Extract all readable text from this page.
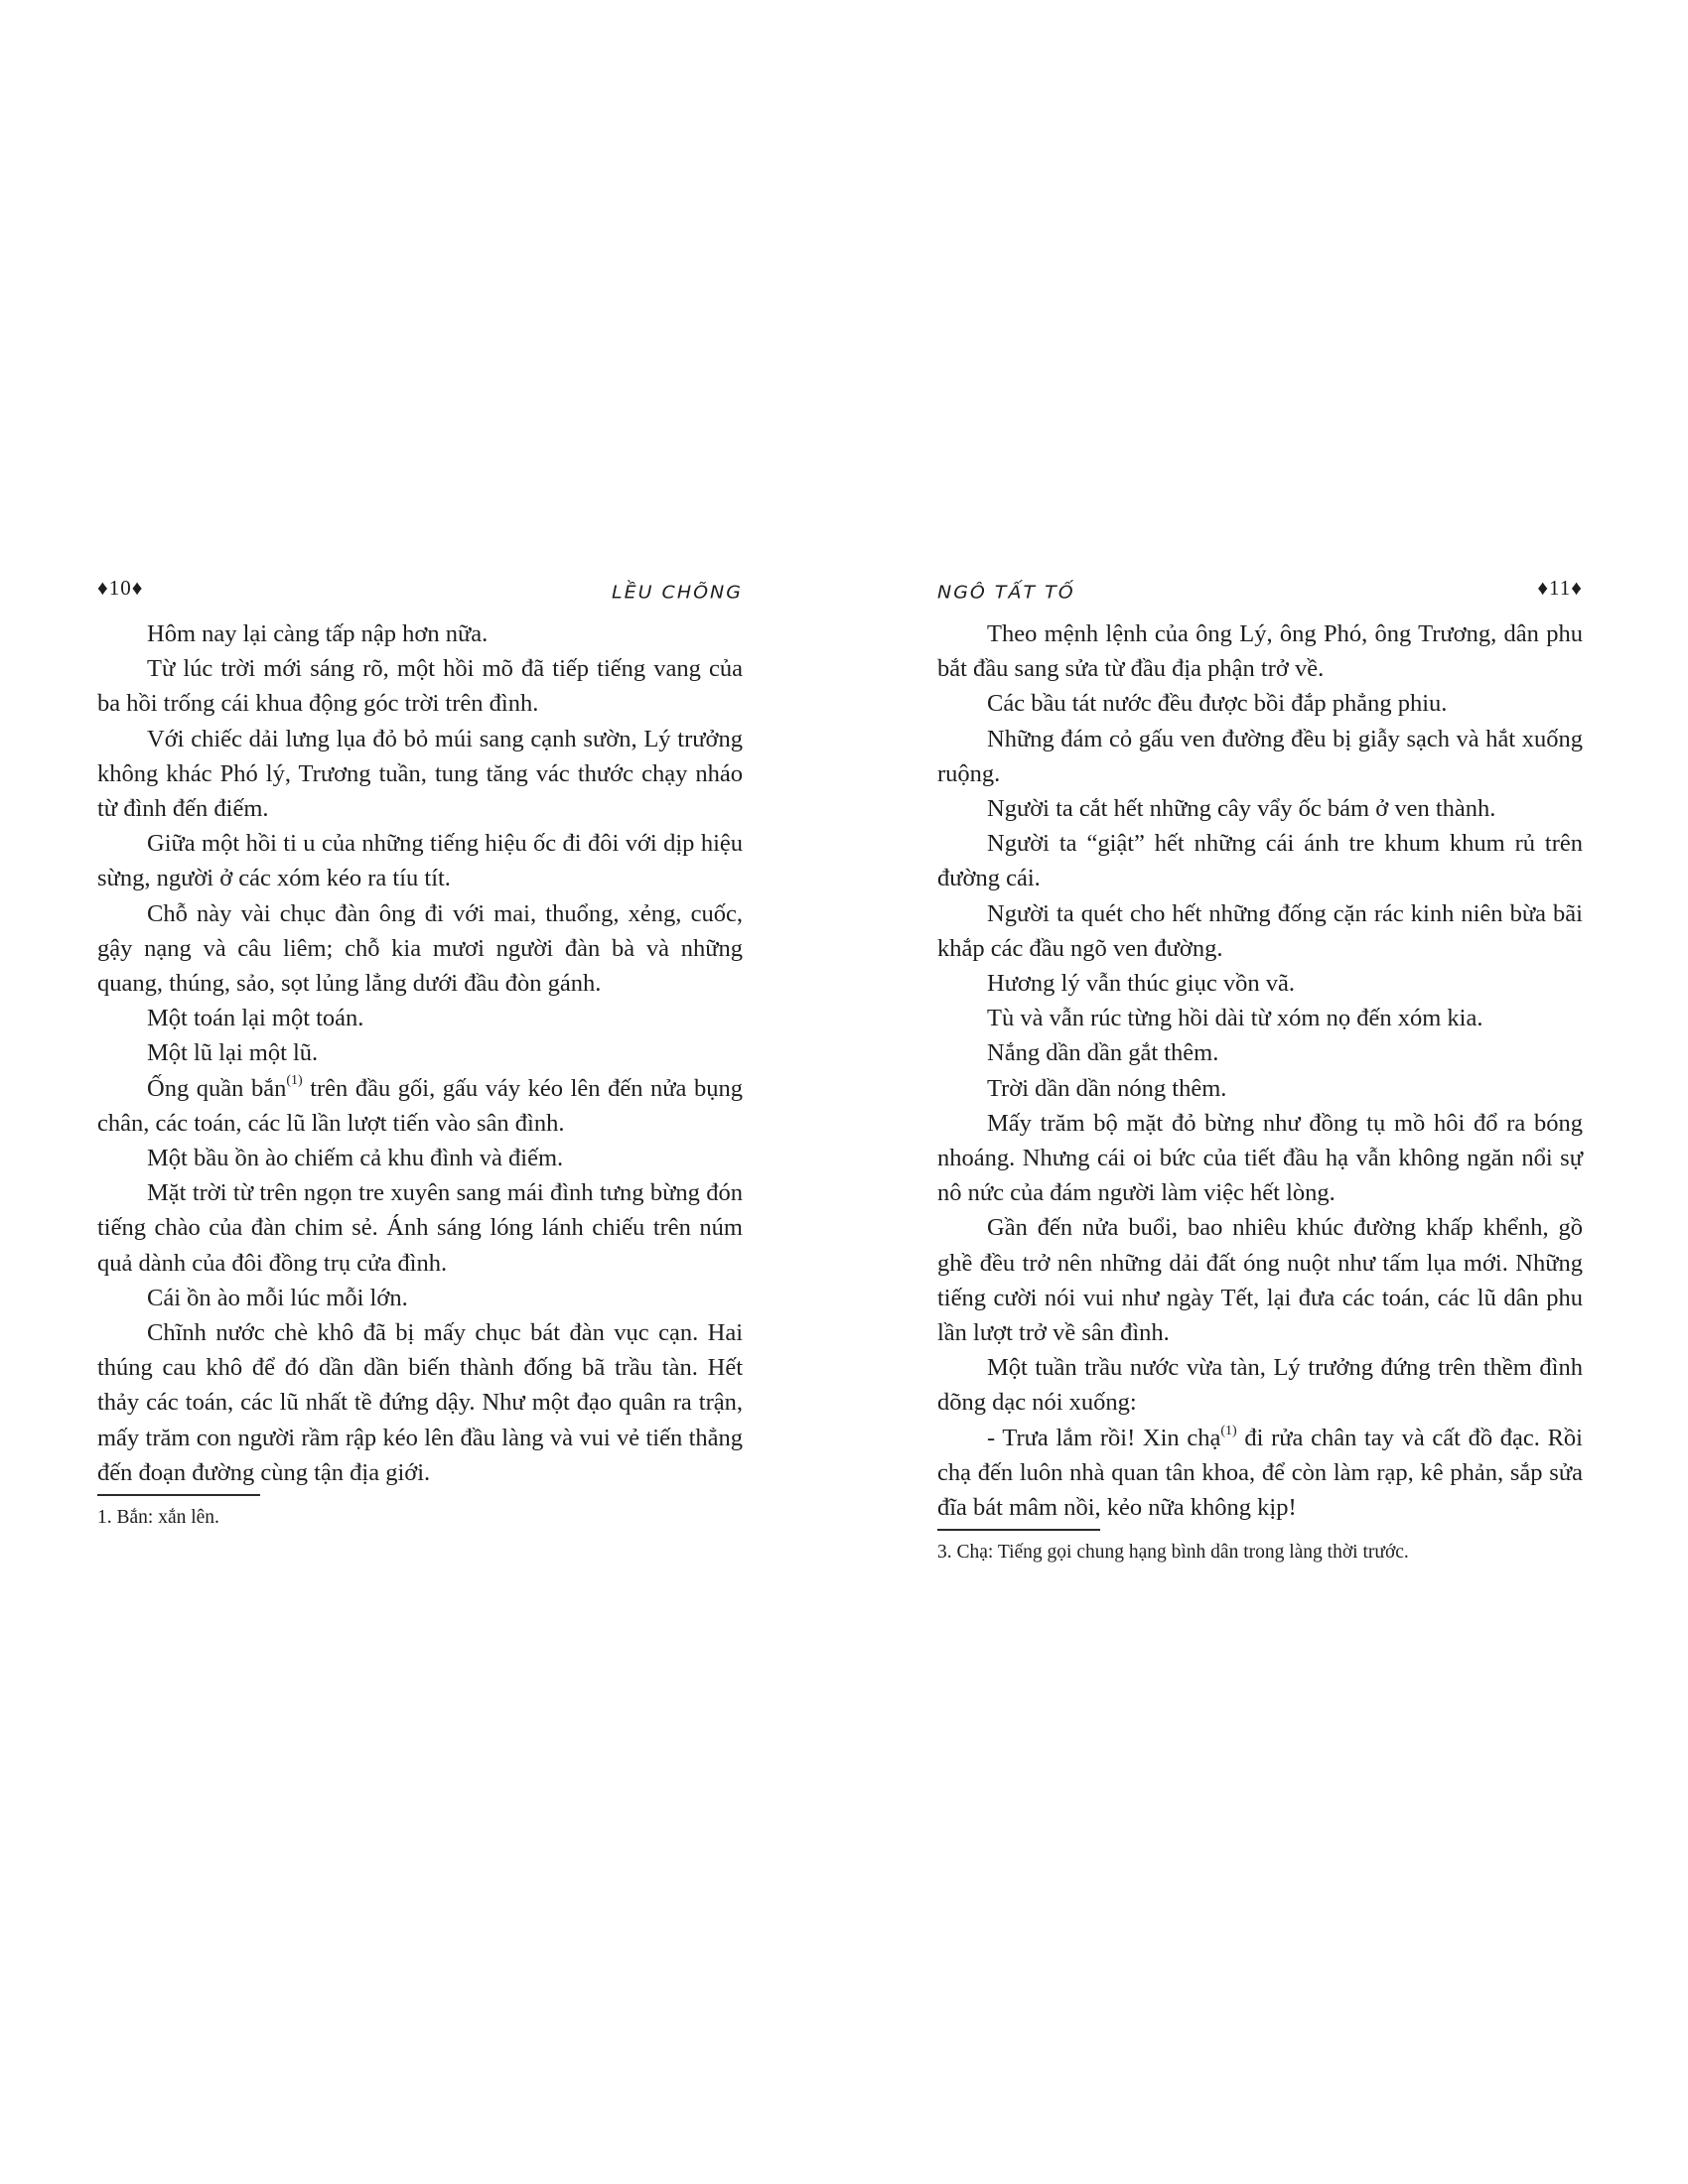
♦10♦	LỀU CHÕNG

Hôm nay lại càng tấp nập hơn nữa.

Từ lúc trời mới sáng rõ, một hồi mõ đã tiếp tiếng vang của ba hồi trống cái khua động góc trời trên đình.

Với chiếc dải lưng lụa đỏ bỏ múi sang cạnh sườn, Lý trưởng không khác Phó lý, Trương tuần, tung tăng vác thước chạy nháo từ đình đến điếm.

Giữa một hồi ti u của những tiếng hiệu ốc đi đôi với dịp hiệu sừng, người ở các xóm kéo ra tíu tít.

Chỗ này vài chục đàn ông đi với mai, thuổng, xẻng, cuốc, gậy nạng và câu liêm; chỗ kia mươi người đàn bà và những quang, thúng, sảo, sọt lủng lẳng dưới đầu đòn gánh.

Một toán lại một toán.

Một lũ lại một lũ.

Ống quần bắn$^{(1)}$ trên đầu gối, gấu váy kéo lên đến nửa bụng chân, các toán, các lũ lần lượt tiến vào sân đình.

Một bầu ồn ào chiếm cả khu đình và điếm.

Mặt trời từ trên ngọn tre xuyên sang mái đình tưng bừng đón tiếng chào của đàn chim sẻ. Ánh sáng lóng lánh chiếu trên núm quả dành của đôi đồng trụ cửa đình.

Cái ồn ào mỗi lúc mỗi lớn.

Chĩnh nước chè khô đã bị mấy chục bát đàn vục cạn. Hai thúng cau khô để đó dần dần biến thành đống bã trầu tàn. Hết thảy các toán, các lũ nhất tề đứng dậy. Như một đạo quân ra trận, mấy trăm con người rầm rập kéo lên đầu làng và vui vẻ tiến thẳng đến đoạn đường cùng tận địa giới.

1. Bắn: xắn lên.
NGÔ TẤT TỐ	♦11♦

Theo mệnh lệnh của ông Lý, ông Phó, ông Trương, dân phu bắt đầu sang sửa từ đầu địa phận trở về.

Các bầu tát nước đều được bồi đắp phẳng phiu.

Những đám cỏ gấu ven đường đều bị giẫy sạch và hắt xuống ruộng.

Người ta cắt hết những cây vẩy ốc bám ở ven thành.

Người ta “giật” hết những cái ánh tre khum khum rủ trên đường cái.

Người ta quét cho hết những đống cặn rác kinh niên bừa bãi khắp các đầu ngõ ven đường.

Hương lý vẫn thúc giục vồn vã.

Tù và vẫn rúc từng hồi dài từ xóm nọ đến xóm kia.

Nắng dần dần gắt thêm.

Trời dần dần nóng thêm.

Mấy trăm bộ mặt đỏ bừng như đồng tụ mồ hôi đổ ra bóng nhoáng. Nhưng cái oi bức của tiết đầu hạ vẫn không ngăn nổi sự nô nức của đám người làm việc hết lòng.

Gần đến nửa buổi, bao nhiêu khúc đường khấp khểnh, gồ ghề đều trở nên những dải đất óng nuột như tấm lụa mới. Những tiếng cười nói vui như ngày Tết, lại đưa các toán, các lũ dân phu lần lượt trở về sân đình.

Một tuần trầu nước vừa tàn, Lý trưởng đứng trên thềm đình dõng dạc nói xuống:

- Trưa lắm rồi! Xin chạ$^{(1)}$ đi rửa chân tay và cất đồ đạc. Rồi chạ đến luôn nhà quan tân khoa, để còn làm rạp, kê phản, sắp sửa đĩa bát mâm nồi, kẻo nữa không kịp!

3. Chạ: Tiếng gọi chung hạng bình dân trong làng thời trước.
